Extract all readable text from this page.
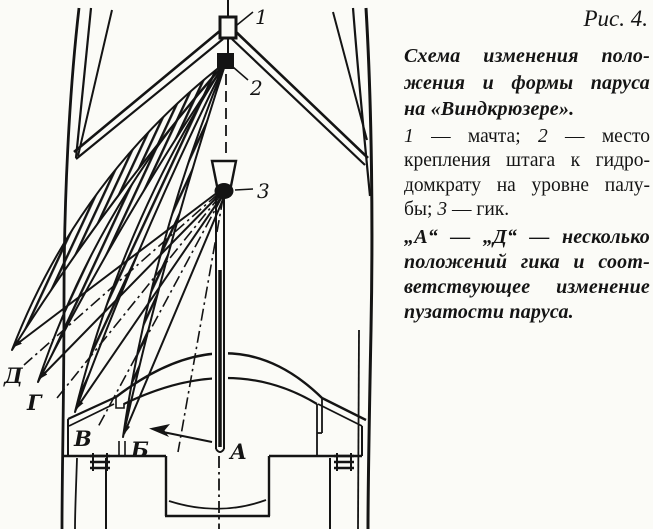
1
2
3
А
Б
В
Г
Д
Рис. 4.
Схема изменения поло-
жения и формы паруса
на «Виндкрюзере».
1 — мачта; 2 — место
крепления штага к гидро-
домкрату на уровне палу-
бы; 3 — гик.
„А“ — „Д“ — несколько
положений гика и соот-
ветствующее изменение
пузатости паруса.
